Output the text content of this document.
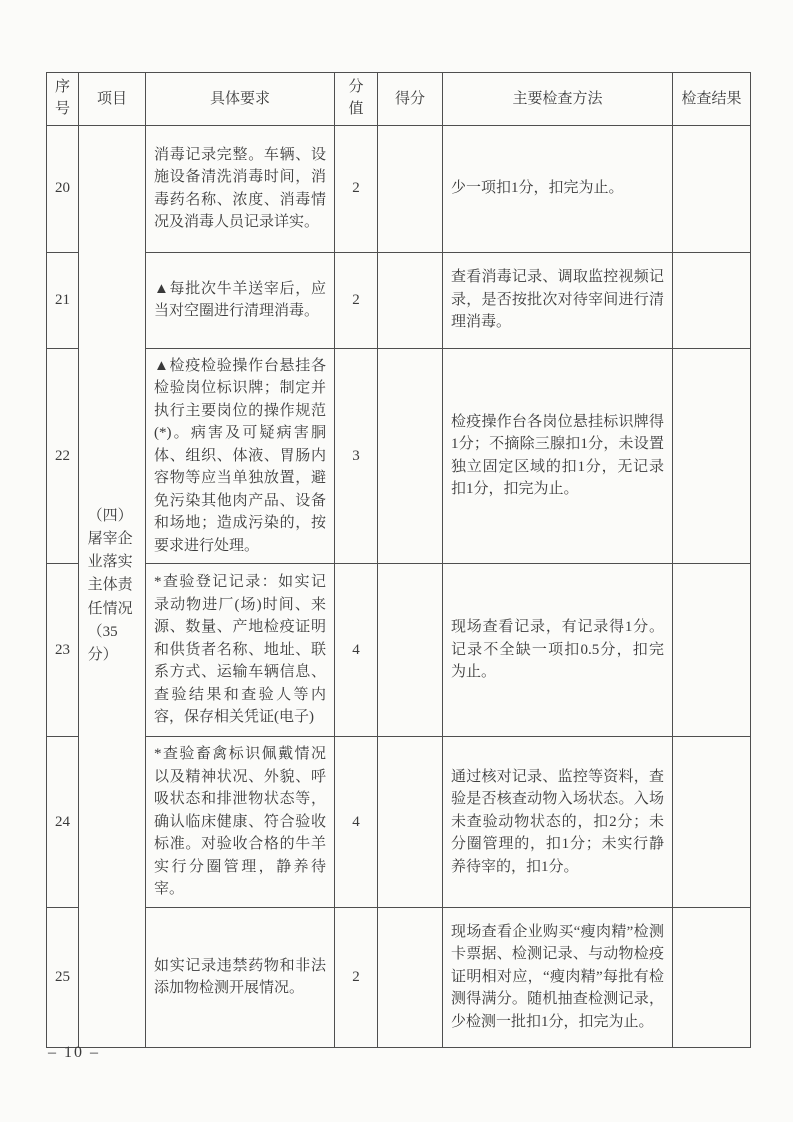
序号	项目	具体要求	分值	得分	主要检查方法	检查结果
20	（四）屠宰企业落实主体责任情况（35分）	消毒记录完整。车辆、设施设备清洗消毒时间，消毒药名称、浓度、消毒情况及消毒人员记录详实。	2		少一项扣1分，扣完为止。	
21		▲每批次牛羊送宰后，应当对空圈进行清理消毒。	2		查看消毒记录、调取监控视频记录，是否按批次对待宰间进行清理消毒。	
22		▲检疫检验操作台悬挂各检验岗位标识牌；制定并执行主要岗位的操作规范(*)。病害及可疑病害胴体、组织、体液、胃肠内容物等应当单独放置，避免污染其他肉产品、设备和场地；造成污染的，按要求进行处理。	3		检疫操作台各岗位悬挂标识牌得1分；不摘除三腺扣1分，未设置独立固定区域的扣1分，无记录扣1分，扣完为止。	
23		*查验登记记录：如实记录动物进厂(场)时间、来源、数量、产地检疫证明和供货者名称、地址、联系方式、运输车辆信息、查验结果和查验人等内容，保存相关凭证(电子)	4		现场查看记录，有记录得1分。记录不全缺一项扣0.5分，扣完为止。	
24		*查验畜禽标识佩戴情况以及精神状况、外貌、呼吸状态和排泄物状态等，确认临床健康、符合验收标准。对验收合格的牛羊实行分圈管理，静养待宰。	4		通过核对记录、监控等资料，查验是否核查动物入场状态。入场未查验动物状态的，扣2分；未分圈管理的，扣1分；未实行静养待宰的，扣1分。	
25		如实记录违禁药物和非法添加物检测开展情况。	2		现场查看企业购买“瘦肉精”检测卡票据、检测记录、与动物检疫证明相对应，“瘦肉精”每批有检测得满分。随机抽查检测记录，少检测一批扣1分，扣完为止。	
– 10 –
